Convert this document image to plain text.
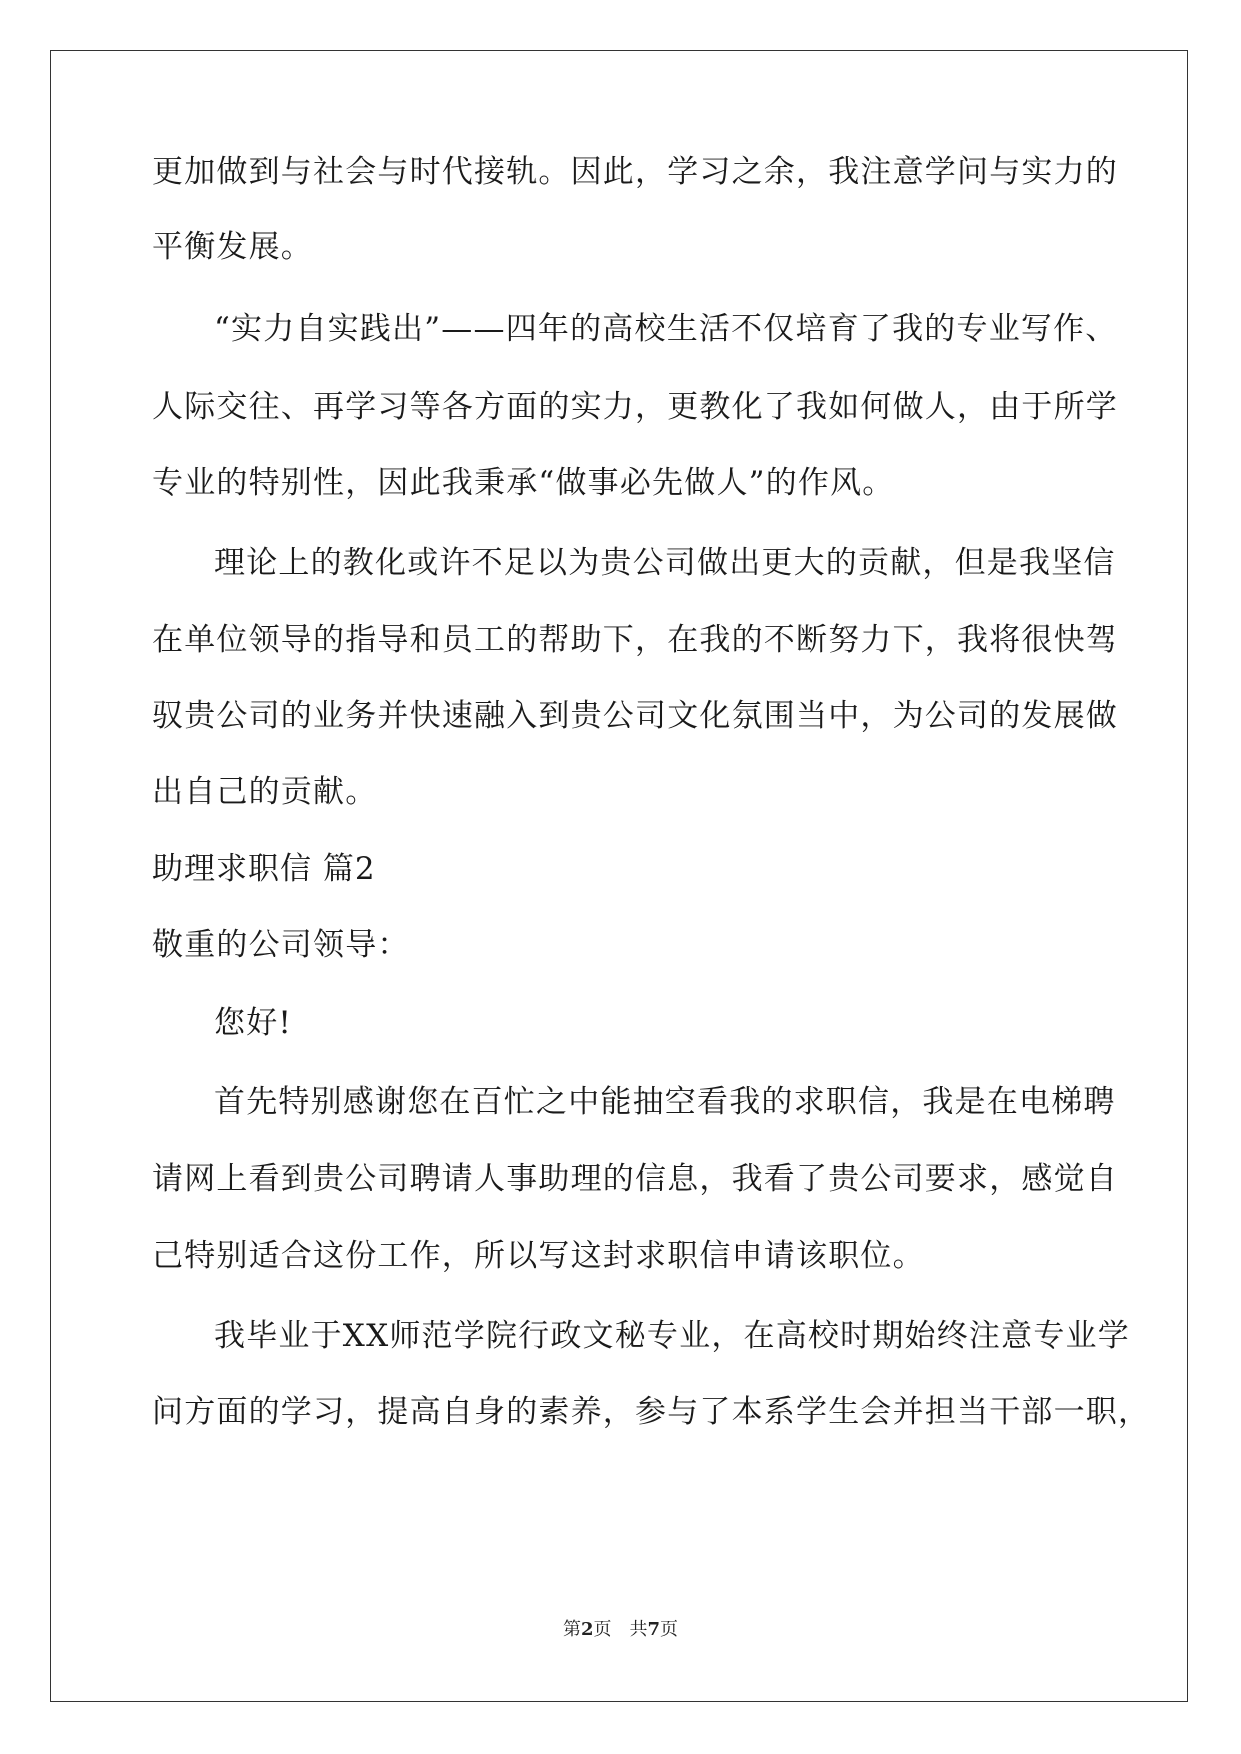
更加做到与社会与时代接轨。因此，学习之余，我注意学问与实力的
平衡发展。
“实力自实践出”——四年的高校生活不仅培育了我的专业写作、
人际交往、再学习等各方面的实力，更教化了我如何做人，由于所学
专业的特别性，因此我秉承“做事必先做人”的作风。
理论上的教化或许不足以为贵公司做出更大的贡献，但是我坚信
在单位领导的指导和员工的帮助下，在我的不断努力下，我将很快驾
驭贵公司的业务并快速融入到贵公司文化氛围当中，为公司的发展做
出自己的贡献。
助理求职信 篇2
敬重的公司领导：
您好!
首先特别感谢您在百忙之中能抽空看我的求职信，我是在电梯聘
请网上看到贵公司聘请人事助理的信息，我看了贵公司要求，感觉自
己特别适合这份工作，所以写这封求职信申请该职位。
我毕业于XX师范学院行政文秘专业，在高校时期始终注意专业学
问方面的学习，提高自身的素养，参与了本系学生会并担当干部一职，
第2页　共7页
